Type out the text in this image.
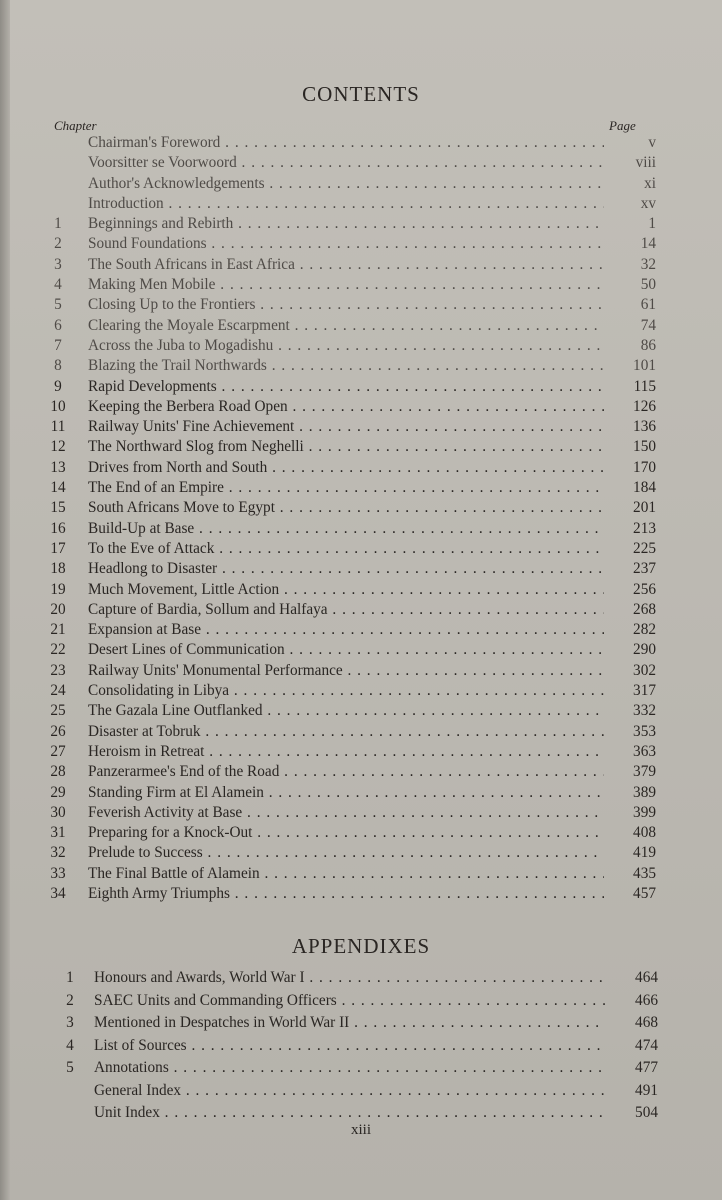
CONTENTS
Chapter	Page
Chairman's Foreword . . .	v
Voorsitter se Voorwoord . . .	viii
Author's Acknowledgements . . .	xi
Introduction . . .	xv
1	Beginnings and Rebirth . . .	1
2	Sound Foundations . . .	14
3	The South Africans in East Africa . . .	32
4	Making Men Mobile . . .	50
5	Closing Up to the Frontiers . . .	61
6	Clearing the Moyale Escarpment . . .	74
7	Across the Juba to Mogadishu . . .	86
8	Blazing the Trail Northwards . . .	101
9	Rapid Developments . . .	115
10	Keeping the Berbera Road Open . . .	126
11	Railway Units' Fine Achievement . . .	136
12	The Northward Slog from Neghelli . . .	150
13	Drives from North and South . . .	170
14	The End of an Empire . . .	184
15	South Africans Move to Egypt . . .	201
16	Build-Up at Base . . .	213
17	To the Eve of Attack . . .	225
18	Headlong to Disaster . . .	237
19	Much Movement, Little Action . . .	256
20	Capture of Bardia, Sollum and Halfaya . . .	268
21	Expansion at Base . . .	282
22	Desert Lines of Communication . . .	290
23	Railway Units' Monumental Performance . . .	302
24	Consolidating in Libya . . .	317
25	The Gazala Line Outflanked . . .	332
26	Disaster at Tobruk . . .	353
27	Heroism in Retreat . . .	363
28	Panzerarmee's End of the Road . . .	379
29	Standing Firm at El Alamein . . .	389
30	Feverish Activity at Base . . .	399
31	Preparing for a Knock-Out . . .	408
32	Prelude to Success . . .	419
33	The Final Battle of Alamein . . .	435
34	Eighth Army Triumphs . . .	457
APPENDIXES
1	Honours and Awards, World War I . . .	464
2	SAEC Units and Commanding Officers . . .	466
3	Mentioned in Despatches in World War II . . .	468
4	List of Sources . . .	474
5	Annotations . . .	477
General Index . . .	491
Unit Index . . .	504
xiii
